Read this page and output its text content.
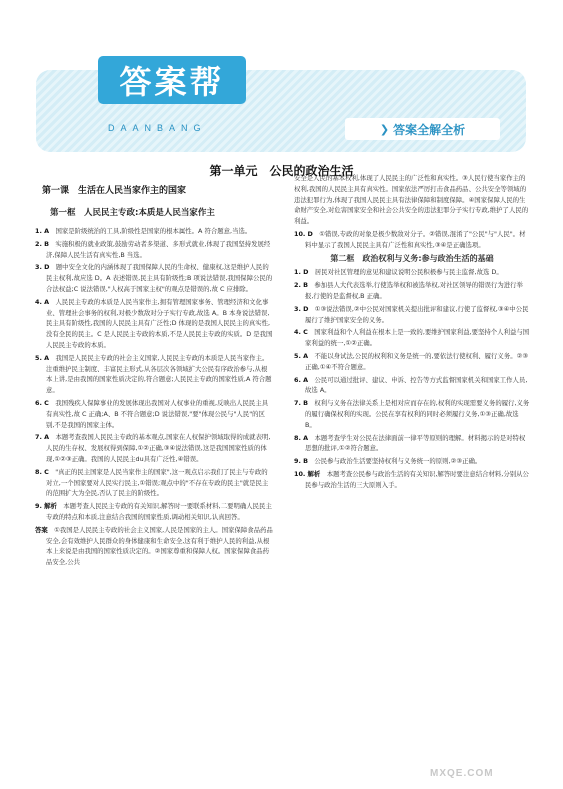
答案帮
DAANBANG	❯ 答案全解全析
第一单元　公民的政治生活
第一课　生活在人民当家作主的国家
第一框　人民民主专政:本质是人民当家作主
1. A  国家是阶级统治的工具,阶级性是国家的根本属性。A 符合题意,当选。
2. B  实施积极的就业政策,鼓励劳动者多渠道、多形式就业,体现了我国坚持发展经济,保障人民生活有真实性,B 当选。
3. D  题中安全文化的内涵体现了我国保障人民的生命权、健康权,这是维护人民的民主权利,故应选 D。A 表述错误,民主具有阶级性;B 项说法错误,我国保障公民的合法权益;C 说法错误,"人权高于国家主权"的观点是错误的,故 C 应排除。
4. A  人民民主专政的本质是人民当家作主,拥有管理国家事务、管理经济和文化事业、管理社会事务的权利,对极少数敌对分子实行专政,故选 A。B 本身说法错误,民主具有阶级性,我国的人民民主具有广泛性;D 体现的是我国人民民主的真实性,没有全民的民主。C 是人民民主专政的本质,不是人民民主专政的实质。D 是我国人民民主专政的本质。
5. A  我国是人民民主专政的社会主义国家,人民民主专政的本质是人民当家作主。注重维护民主制度、丰富民主形式,从各层次各领域扩大公民有序政治参与,从根本上讲,是由我国的国家性质决定的,符合题意;人民民主专政的国家性质,A 符合题意。
6. C  我国残疾人保障事业的发展体现出我国对人权事业的重视,反映出人民民主具有真实性,故 C 正确;A、B 不符合题意;D 说法错误,"要"体现公民与"人民"的区别,不是我国的国家主体。
7. A  本题考查我国人民民主专政的基本观点,国家在人权保护领域取得的成就表明,人民的生存权、发展权得到保障,①②正确,③④说法错误,这是我国国家性质的体现,①②③正确。我国的人民民主du具有广泛性,④错误。
8. C  "真正的民主国家是人民当家作主的国家",这一观点启示我们了民主与专政的对立,一个国家要对人民实行民主,①错误;观点中的"不存在专政的民主"就是民主的范围扩大为全民,否认了民主的阶级性。
9. 解析  本题考查人民民主专政的有关知识,解答时一要联系材料,二要明确人民民主专政的特点和本质,注意结合我国的国家性质,调动相关知识,认真回答。
答案  ①我国是人民民主专政的社会主义国家,人民是国家的主人。国家保障食品药品安全,会有效维护人民群众的身体健康和生命安全,这有利于维护人民的利益,从根本上来说是由我国的国家性质决定的。②国家尊重和保障人权。国家保障食品药品安全,公共
安全是人民的基本权利,体现了人民民主的广泛性和真实性。③人民行使当家作主的权利,我国的人民民主具有真实性。国家依法严厉打击食品药品、公共安全等领域的违法犯罪行为,体现了我国人民民主具有法律保障和制度保障。④国家保障人民的生命财产安全,对危害国家安全和社会公共安全的违法犯罪分子实行专政,维护了人民的利益。
10. D  ①错误,专政的对象是极少数敌对分子。②错误,混淆了"公民"与"人民"。材料中显示了我国人民民主具有广泛性和真实性,③④是正确选项。
第二框　政治权利与义务:参与政治生活的基础
1. D  居民对社区管理的意见和建议说明公民积极参与民主监督,故选 D。
2. B  参加县人大代表选举,行使选举权和被选举权,对社区领导的错误行为进行举报,行使的是监督权,B 正确。
3. D  ①③说法错误,②中公民对国家机关提出批评和建议,行使了监督权,③④中公民履行了维护国家安全的义务。
4. C  国家利益和个人利益在根本上是一致的,要维护国家利益,要坚持个人利益与国家利益的统一,①②正确。
5. A  不能以身试法,公民的权利和义务是统一的,要依法行使权利、履行义务。②③正确,①④不符合题意。
6. A  公民可以通过批评、建议、申诉、控告等方式监督国家机关和国家工作人员,故选 A。
7. B  权利与义务在法律关系上是相对应而存在的,权利的实现需要义务的履行,义务的履行确保权利的实现。公民在享有权利的同时必须履行义务,①③正确,故选 B。
8. A  本题考查学生对公民在法律面前一律平等原则的理解。材料揭示的是对特权思想的批评,①②符合题意。
9. B  公民参与政治生活要坚持权利与义务统一的原则,②③正确。
10. 解析  本题考查公民参与政治生活的有关知识,解答时要注意结合材料,分别从公民参与政治生活的三大原则入手。
MXQE.COM
